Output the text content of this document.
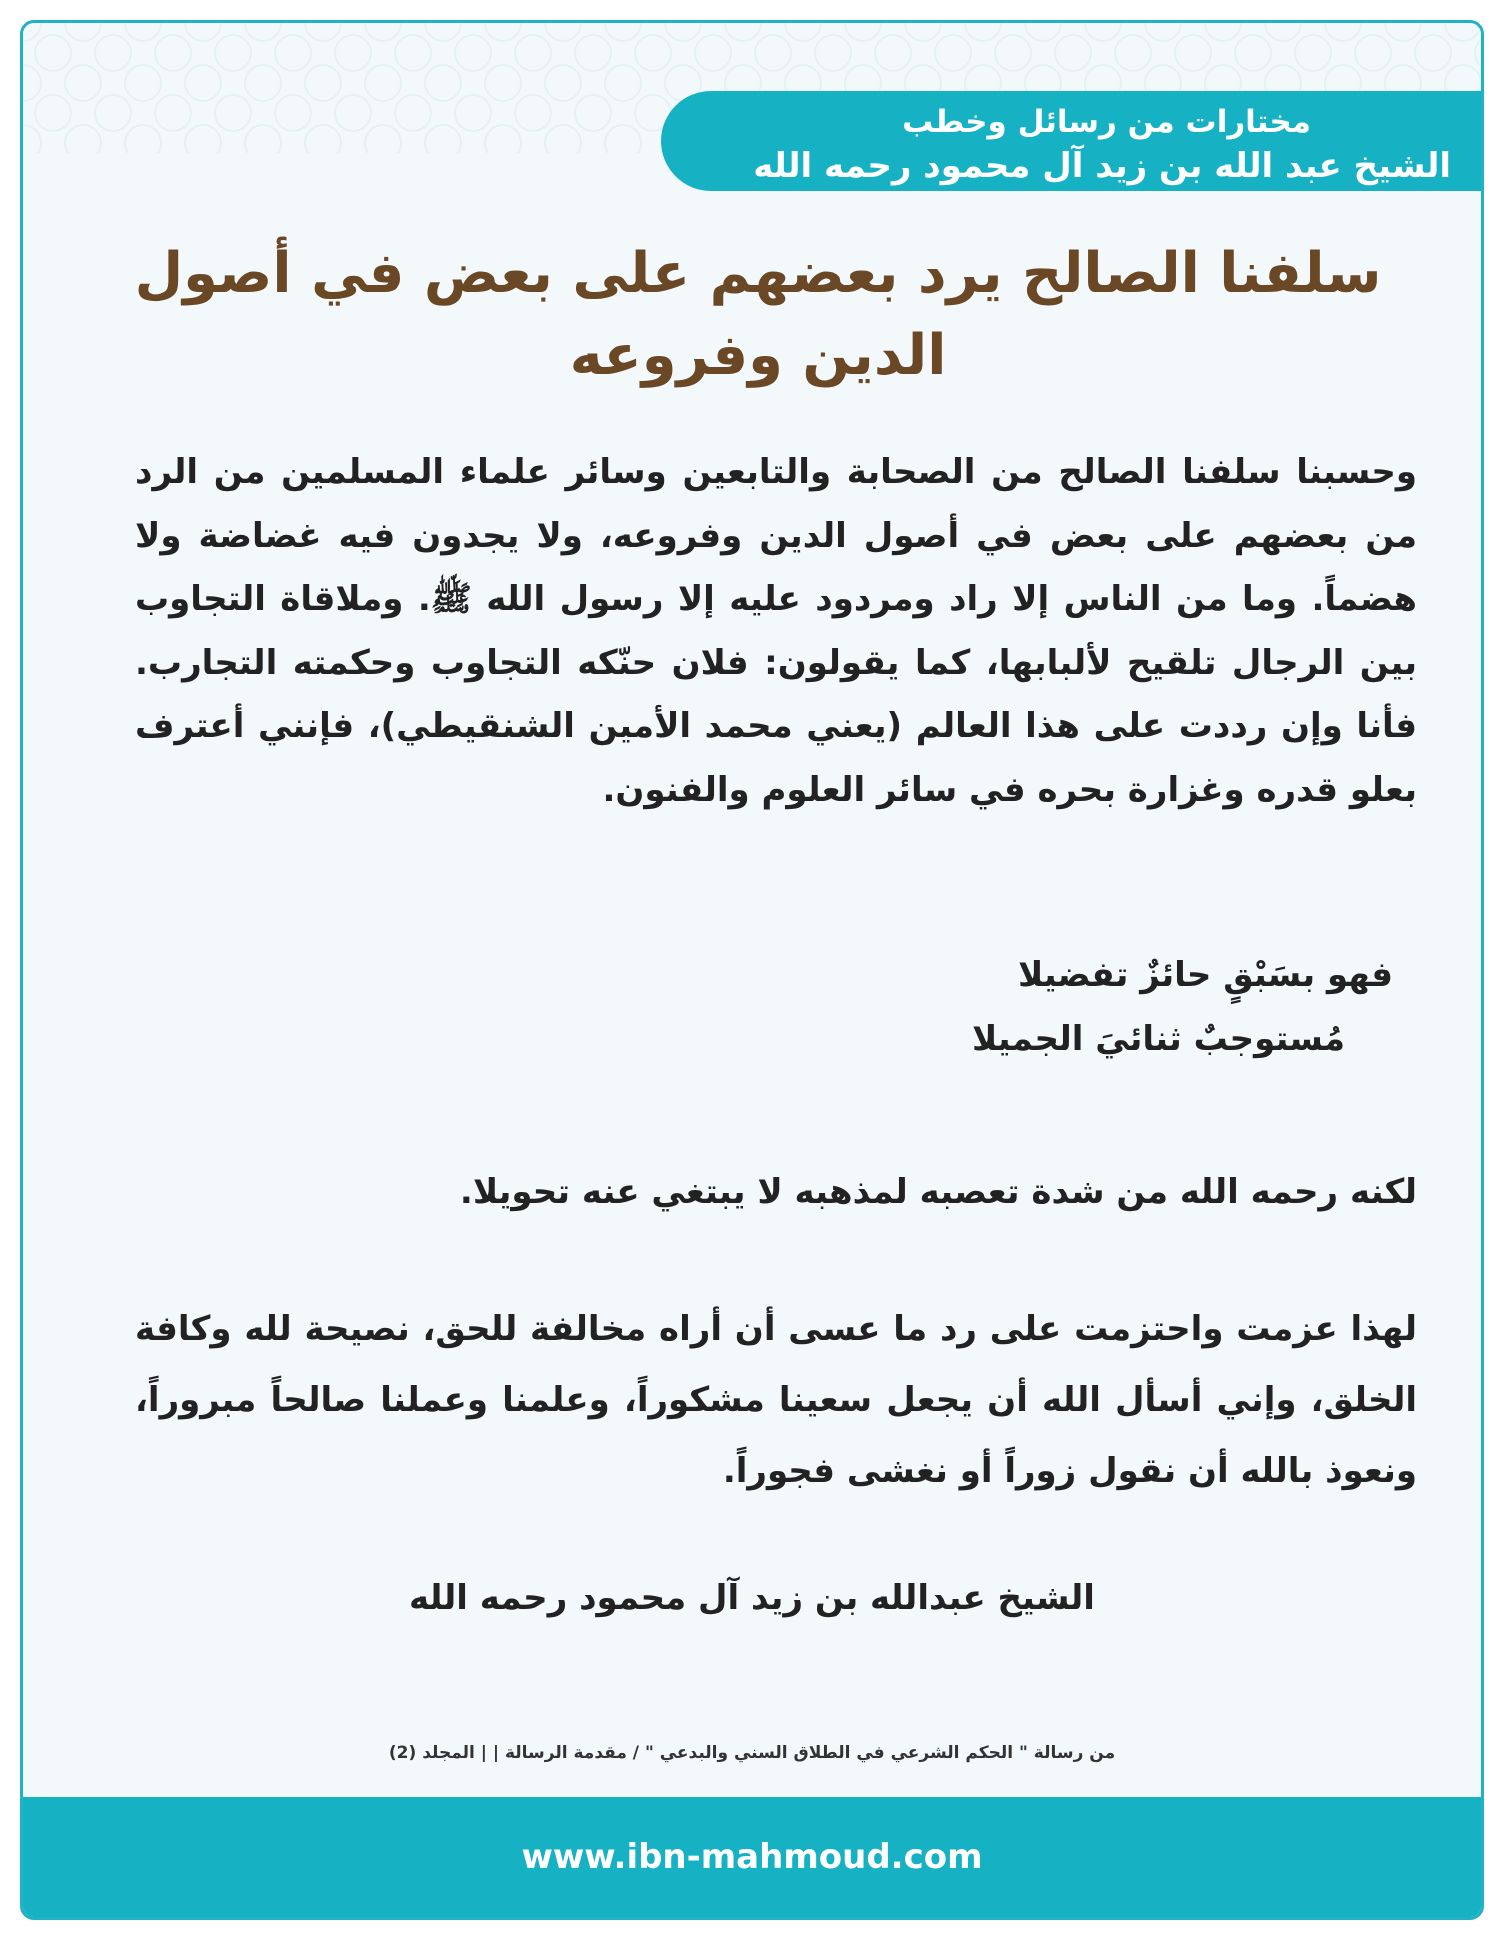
مختارات من رسائل وخطب
الشيخ عبد الله بن زيد آل محمود رحمه الله
سلفنا الصالح يرد بعضهم على بعض في أصول الدين وفروعه
وحسبنا سلفنا الصالح من الصحابة والتابعين وسائر علماء المسلمين من الرد من بعضهم على بعض في أصول الدين وفروعه، ولا يجدون فيه غضاضة ولا هضماً. وما من الناس إلا راد ومردود عليه إلا رسول الله ﷺ. وملاقاة التجاوب بين الرجال تلقيح لألبابها، كما يقولون: فلان حنّكه التجاوب وحكمته التجارب. فأنا وإن رددت على هذا العالم (يعني محمد الأمين الشنقيطي)، فإنني أعترف بعلو قدره وغزارة بحره في سائر العلوم والفنون.
فهو بسَبْقٍ حائزٌ تفضيلا
مُستوجبٌ ثنائيَ الجميلا
لكنه رحمه الله من شدة تعصبه لمذهبه لا يبتغي عنه تحويلا.
لهذا عزمت واحتزمت على رد ما عسى أن أراه مخالفة للحق، نصيحة لله وكافة الخلق، وإني أسأل الله أن يجعل سعينا مشكوراً، وعلمنا وعملنا صالحاً مبروراً، ونعوذ بالله أن نقول زوراً أو نغشى فجوراً.
الشيخ عبدالله بن زيد آل محمود رحمه الله
من رسالة " الحكم الشرعي في الطلاق السني والبدعي " / مقدمة الرسالة | | المجلد (2)
www.ibn-mahmoud.com
